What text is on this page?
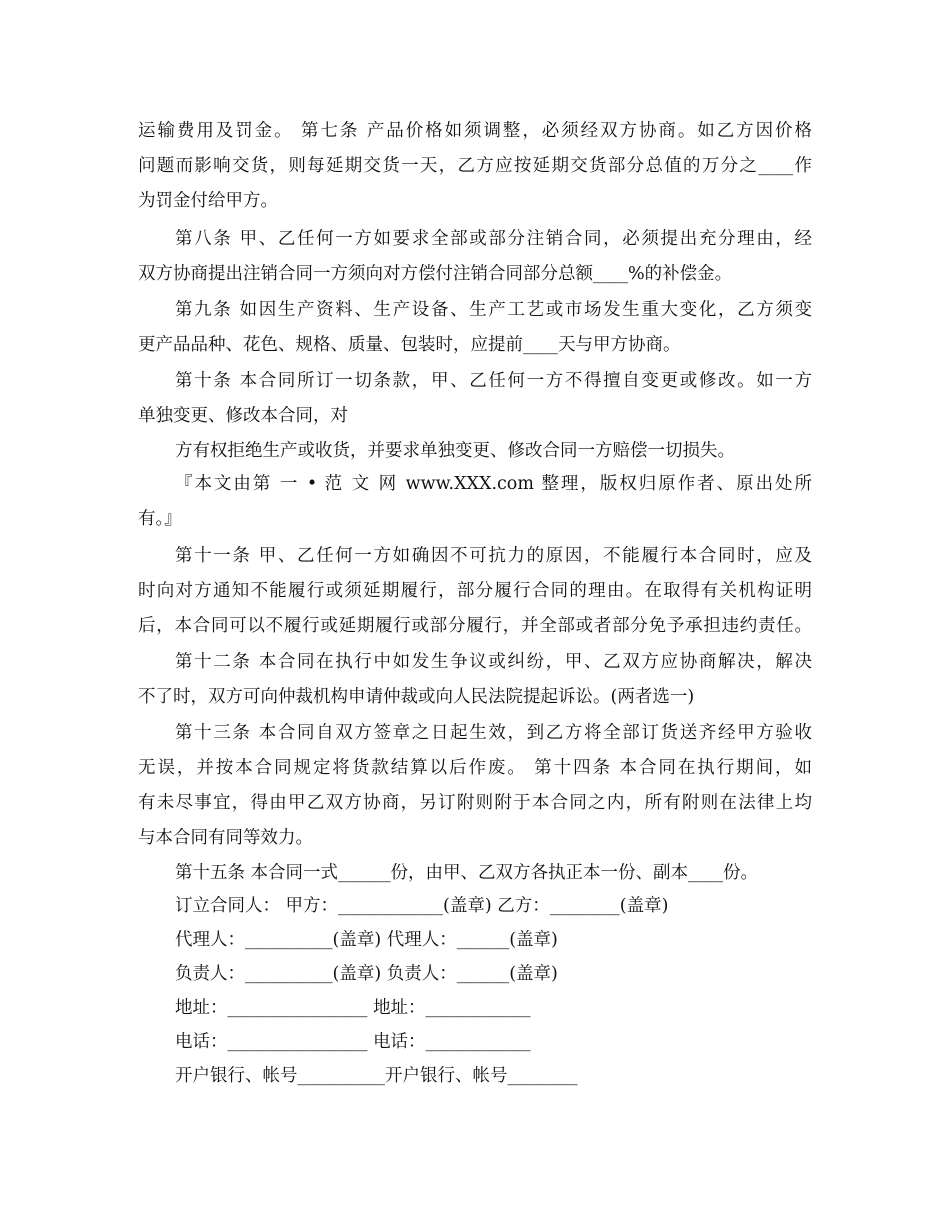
运输费用及罚金。 第七条 产品价格如须调整，必须经双方协商。如乙方因价格
问题而影响交货，则每延期交货一天，乙方应按延期交货部分总值的万分之____作
为罚金付给甲方。
第八条 甲、乙任何一方如要求全部或部分注销合同，必须提出充分理由，经
双方协商提出注销合同一方须向对方偿付注销合同部分总额____%的补偿金。
第九条 如因生产资料、生产设备、生产工艺或市场发生重大变化，乙方须变
更产品品种、花色、规格、质量、包装时，应提前____天与甲方协商。
第十条 本合同所订一切条款，甲、乙任何一方不得擅自变更或修改。如一方
单独变更、修改本合同，对
方有权拒绝生产或收货，并要求单独变更、修改合同一方赔偿一切损失。
『本文由第 一 • 范 文 网 www.XXX.com 整理，版权归原作者、原出处所
有。』
第十一条 甲、乙任何一方如确因不可抗力的原因，不能履行本合同时，应及
时向对方通知不能履行或须延期履行，部分履行合同的理由。在取得有关机构证明
后，本合同可以不履行或延期履行或部分履行，并全部或者部分免予承担违约责任。
第十二条 本合同在执行中如发生争议或纠纷，甲、乙双方应协商解决，解决
不了时，双方可向仲裁机构申请仲裁或向人民法院提起诉讼。(两者选一)
第十三条 本合同自双方签章之日起生效，到乙方将全部订货送齐经甲方验收
无误，并按本合同规定将货款结算以后作废。 第十四条 本合同在执行期间，如
有未尽事宜，得由甲乙双方协商，另订附则附于本合同之内，所有附则在法律上均
与本合同有同等效力。
第十五条 本合同一式______份，由甲、乙双方各执正本一份、副本____份。
订立合同人： 甲方：____________(盖章) 乙方：________(盖章)
代理人：__________(盖章) 代理人：______(盖章)
负责人：__________(盖章) 负责人：______(盖章)
地址：________________ 地址：____________
电话：________________ 电话：____________
开户银行、帐号__________开户银行、帐号________
